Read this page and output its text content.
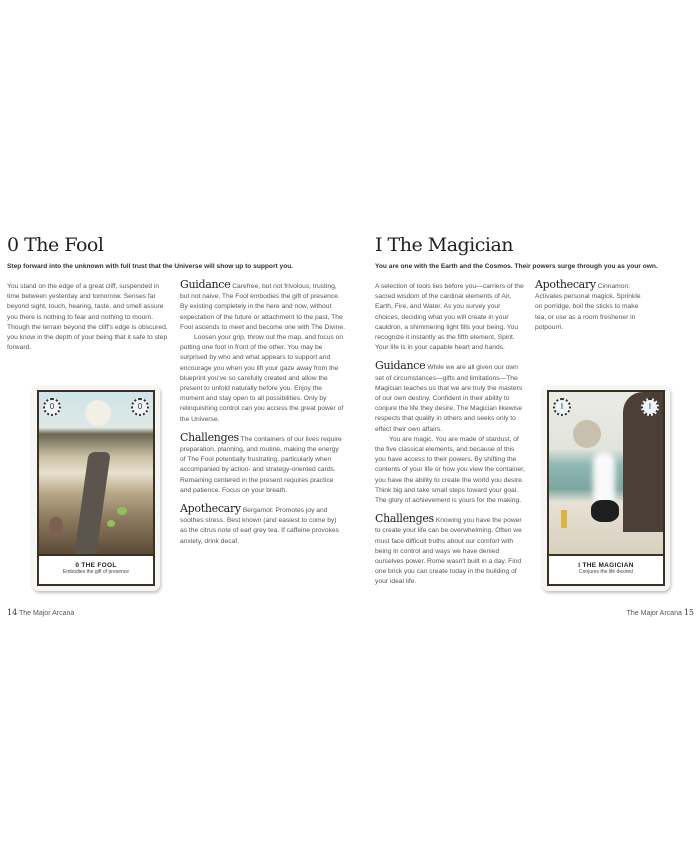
0 The Fool
Step forward into the unknown with full trust that the Universe will show up to support you.

You stand on the edge of a great cliff, suspended in time between yesterday and tomorrow. Senses far beyond sight, touch, hearing, taste, and smell assure you there is nothing to fear and nothing to mourn. Though the terrain beyond the cliff's edge is obscured, you know in the depth of your being that it safe to step forward.

Guidance Carefree, but not frivolous, trusting, but not naive, The Fool embodies the gift of presence. By existing completely in the here and now, without expectation of the future or attachment to the past, The Fool ascends to meet and become one with The Divine.

Loosen your grip, throw out the map, and focus on putting one foot in front of the other. You may be surprised by who and what appears to support and encourage you when you lift your gaze away from the blueprint you've so carefully created and allow the present to unfold naturally before you. Enjoy the moment and stay open to all possibilities. Only by relinquishing control can you access the great power of the Universe.

Challenges The containers of our lives require preparation, planning, and routine, making the energy of The Fool potentially frustrating, particularly when accompanied by action- and strategy-oriented cards. Remaining centered in the present requires practice and patience. Focus on your breath.

Apothecary Bergamot: Promotes joy and soothes stress. Best known (and easiest to come by) as the citrus note of earl grey tea. If caffeine provokes anxiety, drink decaf.

0	0
0 THE FOOL
Embodies the gift of presence
14 The Major Arcana
I The Magician
You are one with the Earth and the Cosmos. Their powers surge through you as your own.

A selection of tools lies before you—carriers of the sacred wisdom of the cardinal elements of Air, Earth, Fire, and Water. As you survey your choices, deciding what you will create in your cauldron, a shimmering light fills your being. You recognize it instantly as the fifth element, Spirit. Your life is in your capable heart and hands.

Guidance While we are all given our own set of circumstances—gifts and limitations—The Magician teaches us that we are truly the masters of our own destiny. Confident in their ability to conjure the life they desire, The Magician likewise respects that quality in others and seeks only to effect their own affairs.

You are magic. You are made of stardust, of the five classical elements, and because of this you have access to their powers. By shifting the contents of your life or how you view the container, you have the ability to create the world you desire. Think big and take small steps toward your goal. The glory of achievement is yours for the making.

Challenges Knowing you have the power to create your life can be overwhelming. Often we must face difficult truths about our comfort with being in control and ways we have denied ourselves power. Rome wasn't built in a day. Find one brick you can create today in the building of your ideal life.

Apothecary Cinnamon: Activates personal magick. Sprinkle on porridge, boil the sticks to make tea, or use as a room freshener in potpourri.

I	I
I THE MAGICIAN
Conjures the life desired
The Major Arcana 15
